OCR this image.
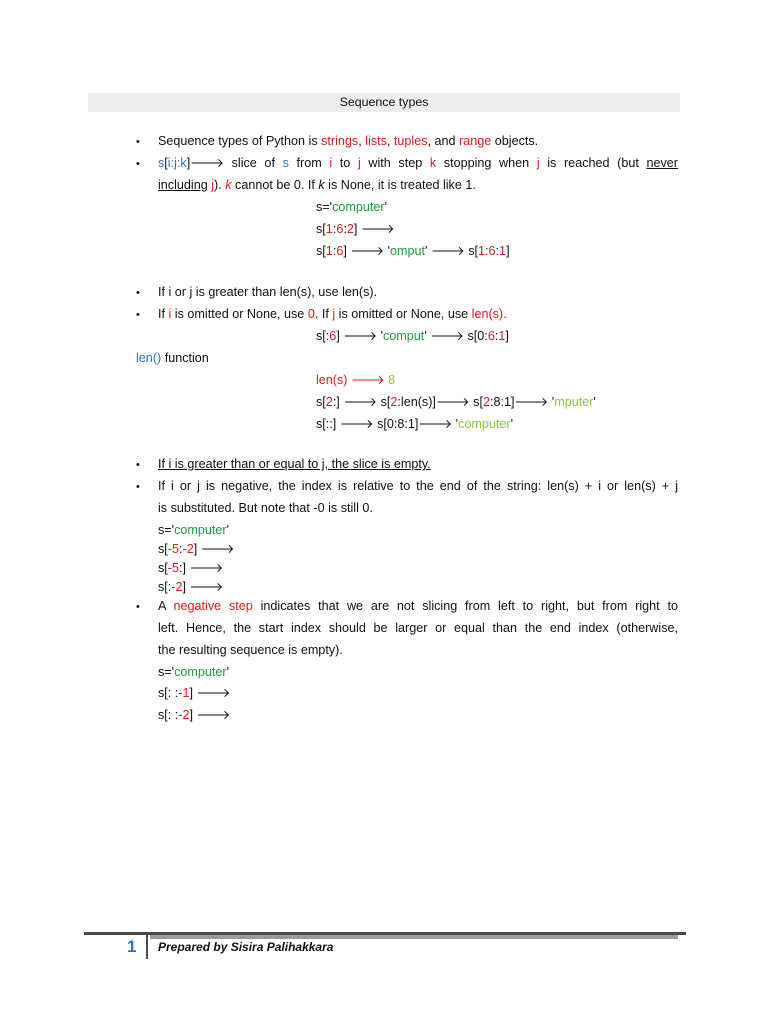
Sequence types
• Sequence types of Python is strings, lists, tuples, and range objects.
• s[i:j:k]🡒 slice of s from i to j with step k stopping when j is reached (but never
including j). k cannot be 0. If k is None, it is treated like 1.
s='computer'
s[1:6:2] 🡒
s[1:6] 🡒 'omput' 🡒 s[1:6:1]
• If i or j is greater than len(s), use len(s).
• If i is omitted or None, use 0. If j is omitted or None, use len(s).
s[:6] 🡒 'comput' 🡒 s[0:6:1]
len() function
len(s) 🡒 8
s[2:] 🡒 s[2:len(s)]🡒 s[2:8:1]🡒 'mputer'
s[::] 🡒 s[0:8:1]🡒 'computer'
• If i is greater than or equal to j, the slice is empty.
• If i or j is negative, the index is relative to the end of the string: len(s) + i or len(s) + j
is substituted. But note that -0 is still 0.
s='computer'
s[-5:-2] 🡒
s[-5:] 🡒
s[:-2] 🡒
• A negative step indicates that we are not slicing from left to right, but from right to
left. Hence, the start index should be larger or equal than the end index (otherwise,
the resulting sequence is empty).
s='computer'
s[: :-1] 🡒
s[: :-2] 🡒
1 Prepared by Sisira Palihakkara
